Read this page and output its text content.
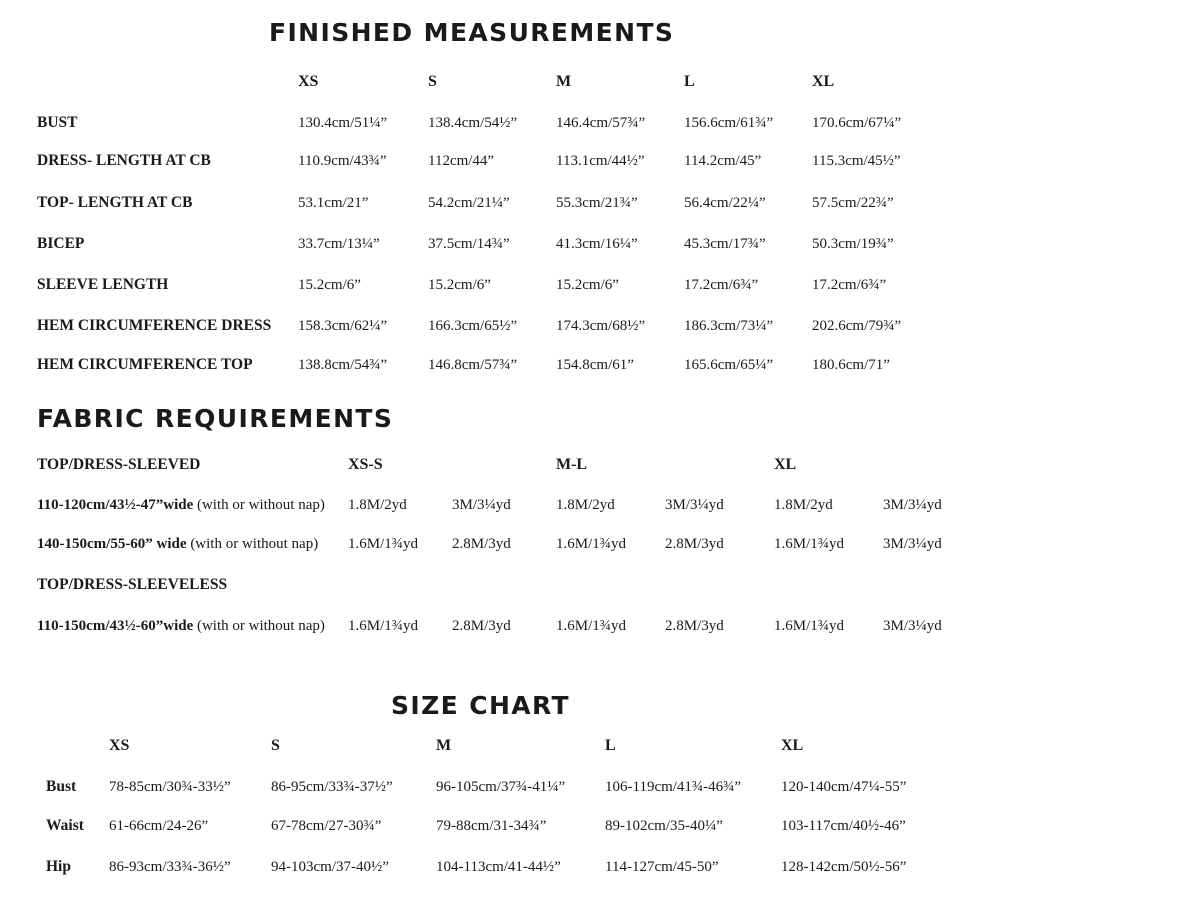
FINISHED MEASUREMENTS
XS	S	M	L	XL
BUST	130.4cm/51¼”	138.4cm/54½”	146.4cm/57¾”	156.6cm/61¾”	170.6cm/67¼”
DRESS- LENGTH AT CB	110.9cm/43¾”	112cm/44”	113.1cm/44½”	114.2cm/45”	115.3cm/45½”
TOP- LENGTH AT CB	53.1cm/21”	54.2cm/21¼”	55.3cm/21¾”	56.4cm/22¼”	57.5cm/22¾”
BICEP	33.7cm/13¼”	37.5cm/14¾”	41.3cm/16¼”	45.3cm/17¾”	50.3cm/19¾”
SLEEVE LENGTH	15.2cm/6”	15.2cm/6”	15.2cm/6”	17.2cm/6¾”	17.2cm/6¾”
HEM CIRCUMFERENCE DRESS 158.3cm/62¼”	166.3cm/65½”	174.3cm/68½”	186.3cm/73¼”	202.6cm/79¾”
HEM CIRCUMFERENCE TOP	138.8cm/54¾”	146.8cm/57¾”	154.8cm/61”	165.6cm/65¼”	180.6cm/71”
FABRIC REQUIREMENTS
TOP/DRESS-SLEEVED	XS-S	M-L	XL
110-120cm/43½-47”wide (with or without nap) 1.8M/2yd	3M/3¼yd	1.8M/2yd	3M/3¼yd	1.8M/2yd	3M/3¼yd
140-150cm/55-60” wide (with or without nap) 1.6M/1¾yd 2.8M/3yd	1.6M/1¾yd	2.8M/3yd	1.6M/1¾yd	3M/3¼yd
TOP/DRESS-SLEEVELESS
110-150cm/43½-60”wide (with or without nap) 1.6M/1¾yd 2.8M/3yd	1.6M/1¾yd	2.8M/3yd	1.6M/1¾yd	3M/3¼yd
SIZE CHART
XS	S	M	L	XL
Bust 78-85cm/30¾-33½”	86-95cm/33¾-37½”	96-105cm/37¾-41¼”	106-119cm/41¾-46¾”	120-140cm/47¼-55”
Waist 61-66cm/24-26”	67-78cm/27-30¾”	79-88cm/31-34¾”	89-102cm/35-40¼”	103-117cm/40½-46”
Hip	86-93cm/33¾-36½”	94-103cm/37-40½”	104-113cm/41-44½”	114-127cm/45-50”	128-142cm/50½-56”
